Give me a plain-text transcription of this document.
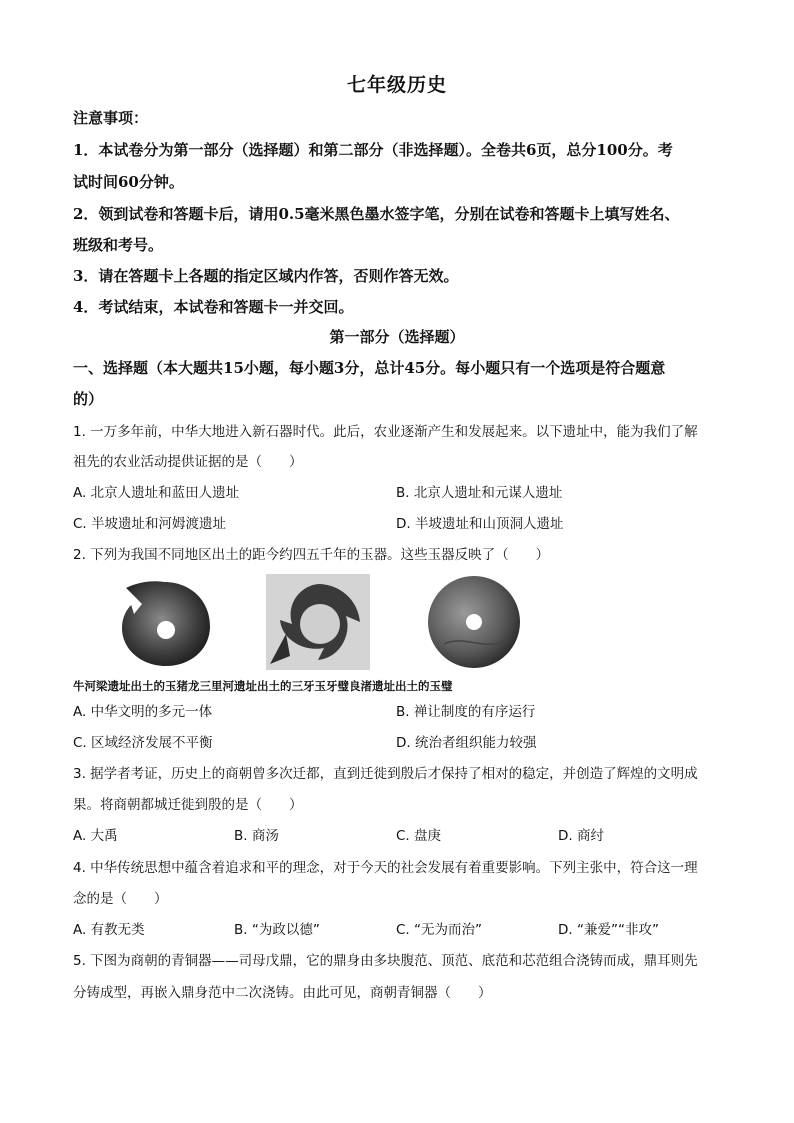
七年级历史
注意事项：
1．本试卷分为第一部分（选择题）和第二部分（非选择题）。全卷共6页，总分100分。考
试时间60分钟。
2．领到试卷和答题卡后，请用0.5毫米黑色墨水签字笔，分别在试卷和答题卡上填写姓名、
班级和考号。
3．请在答题卡上各题的指定区域内作答，否则作答无效。
4．考试结束，本试卷和答题卡一并交回。
第一部分（选择题）
一、选择题（本大题共15小题，每小题3分，总计45分。每小题只有一个选项是符合题意
的）
1. 一万多年前，中华大地进入新石器时代。此后，农业逐渐产生和发展起来。以下遗址中，能为我们了解
祖先的农业活动提供证据的是（　　）
A. 北京人遗址和蓝田人遗址	B. 北京人遗址和元谋人遗址
C. 半坡遗址和河姆渡遗址	D. 半坡遗址和山顶洞人遗址
2. 下列为我国不同地区出土的距今约四五千年的玉器。这些玉器反映了（　　）
牛河梁遗址出土的玉猪龙三里河遗址出土的三牙玉牙璧良渚遗址出土的玉璧
A. 中华文明的多元一体	B. 禅让制度的有序运行
C. 区域经济发展不平衡	D. 统治者组织能力较强
3. 据学者考证，历史上的商朝曾多次迁都，直到迁徙到殷后才保持了相对的稳定，并创造了辉煌的文明成
果。将商朝都城迁徙到殷的是（　　）
A. 大禹	B. 商汤	C. 盘庚	D. 商纣
4. 中华传统思想中蕴含着追求和平的理念，对于今天的社会发展有着重要影响。下列主张中，符合这一理
念的是（　　）
A. 有教无类	B. “为政以德”	C. “无为而治”	D. “兼爱”“非攻”
5. 下图为商朝的青铜器——司母戊鼎，它的鼎身由多块腹范、顶范、底范和芯范组合浇铸而成，鼎耳则先
分铸成型，再嵌入鼎身范中二次浇铸。由此可见，商朝青铜器（　　）
